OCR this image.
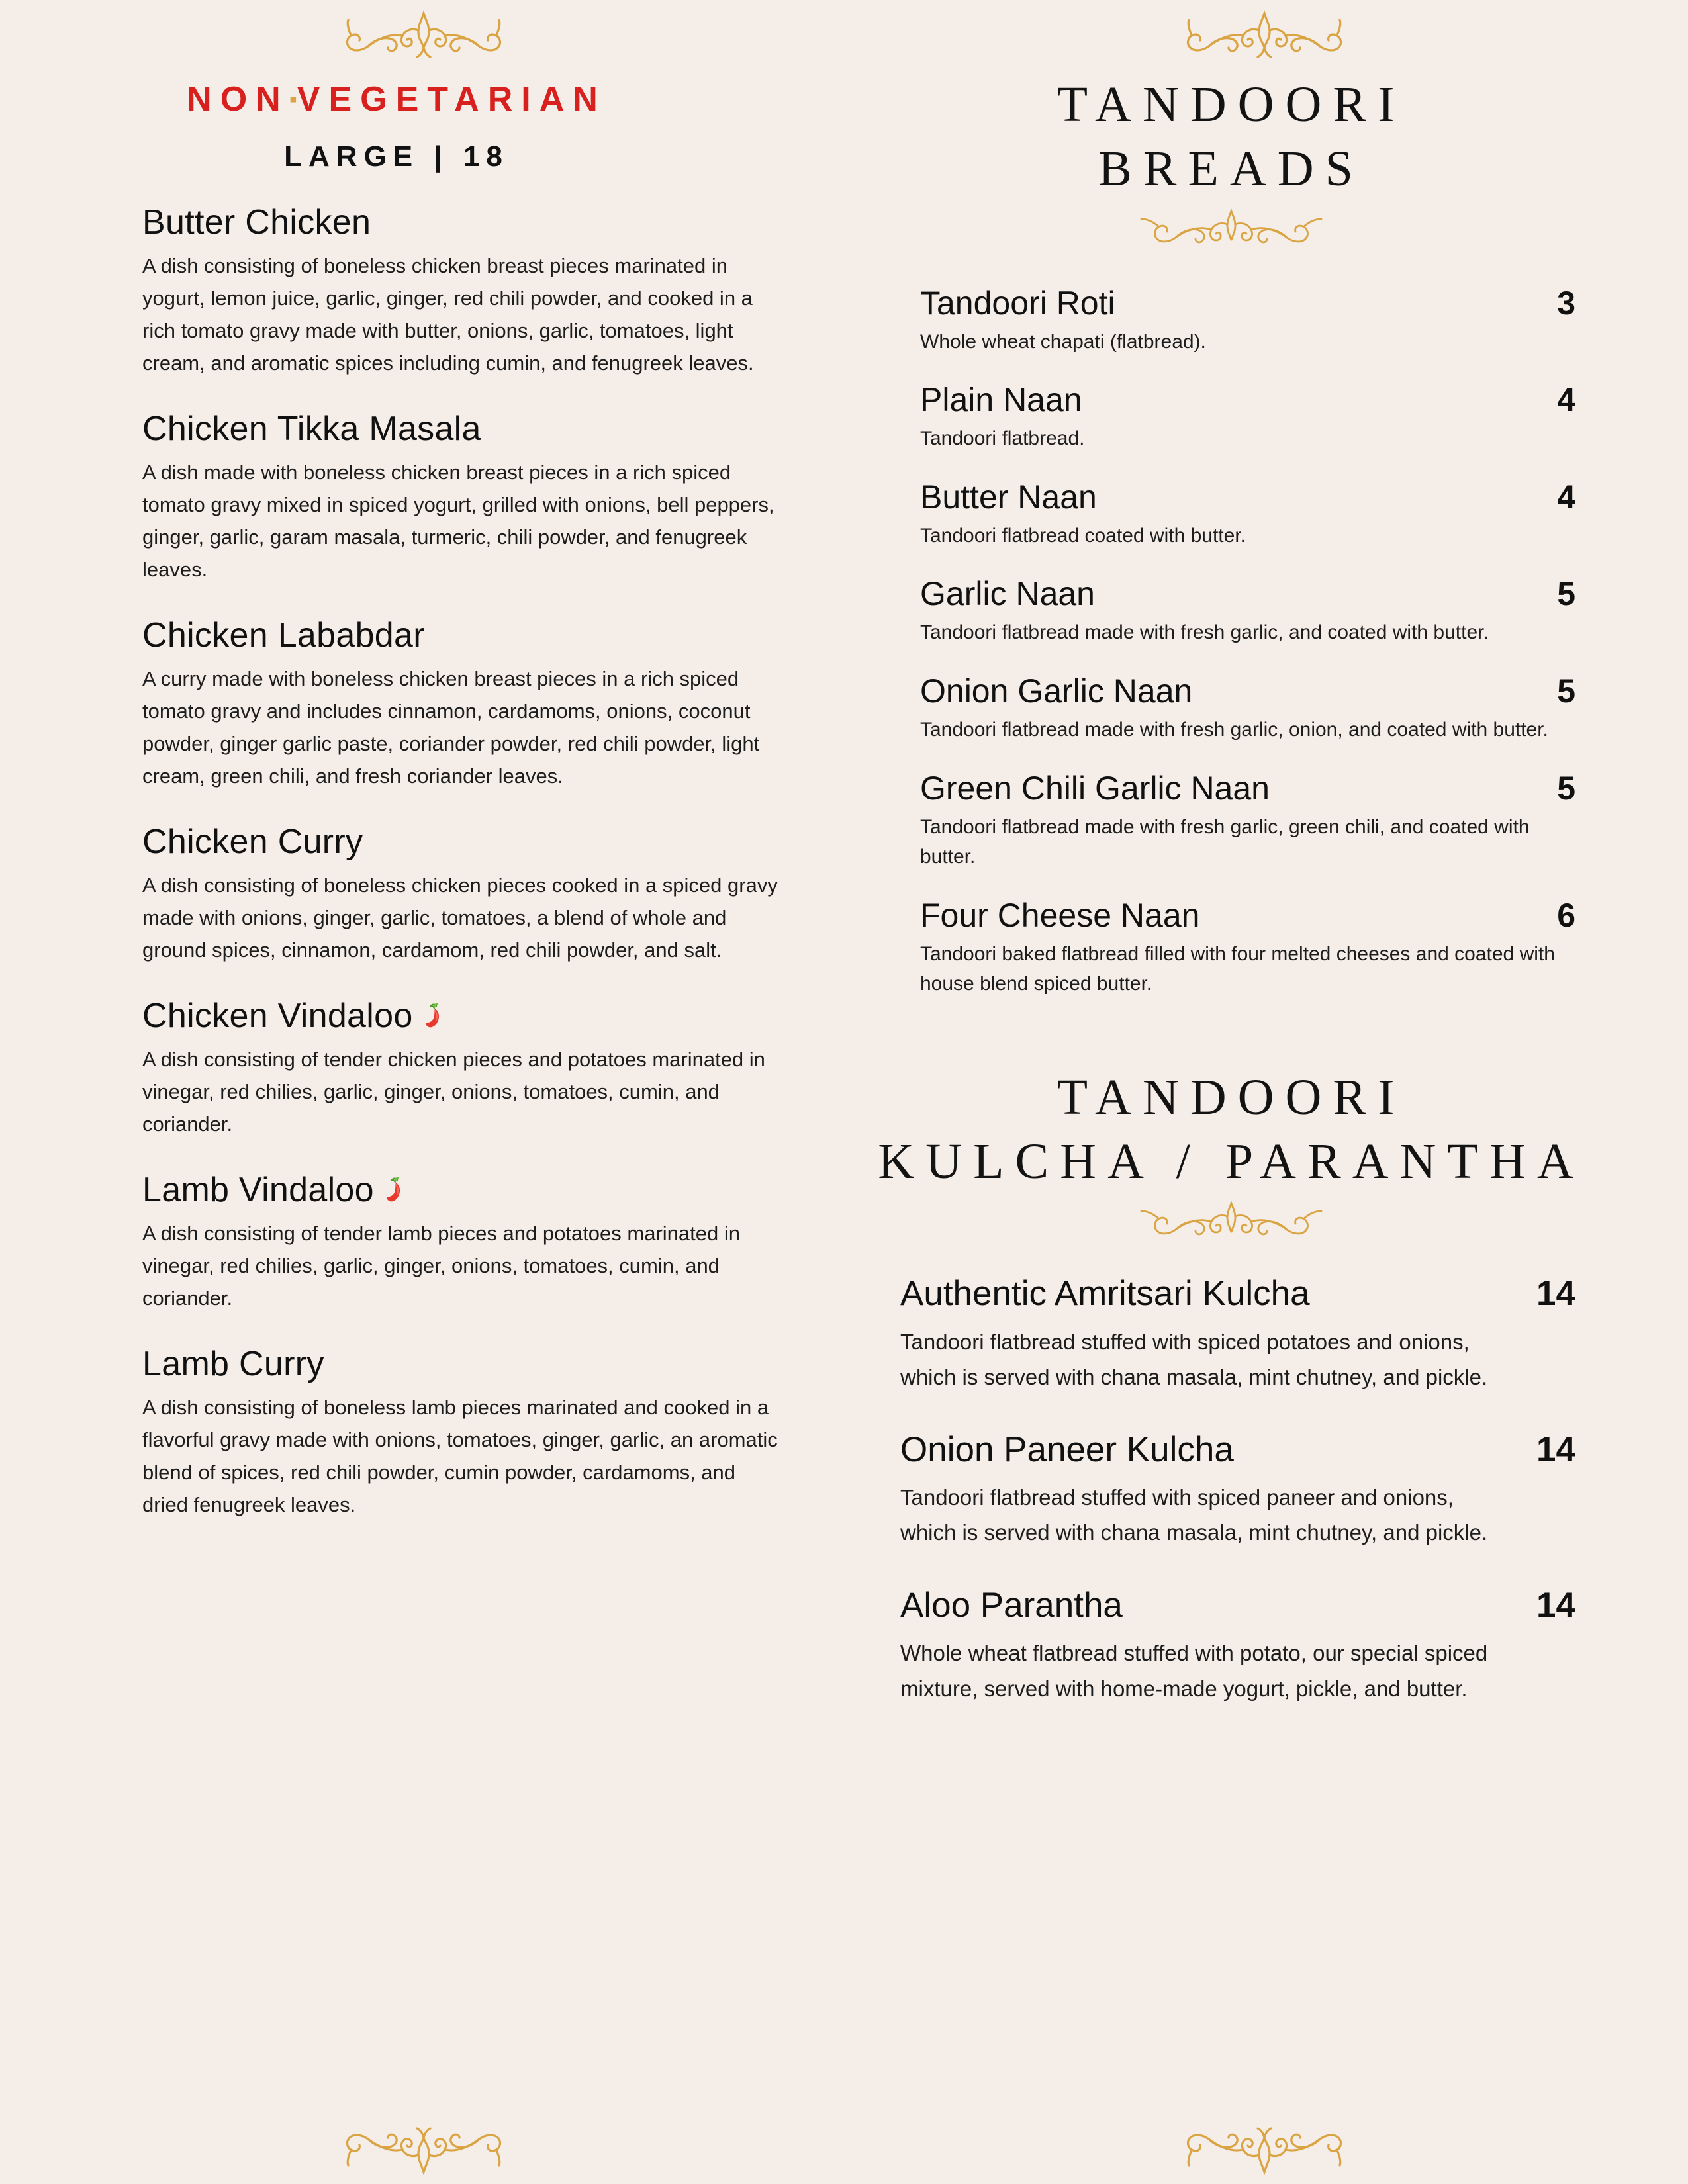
NON▪VEGETARIAN
LARGE | 18
Butter Chicken
A dish consisting of boneless chicken breast pieces marinated in yogurt, lemon juice, garlic, ginger, red chili powder, and cooked in a rich tomato gravy made with butter, onions, garlic, tomatoes, light cream, and aromatic spices including cumin, and fenugreek leaves.
Chicken Tikka Masala
A dish made with boneless chicken breast pieces in a rich spiced tomato gravy mixed in spiced yogurt, grilled with onions, bell peppers, ginger, garlic, garam masala, turmeric, chili powder, and fenugreek leaves.
Chicken Lababdar
A curry made with boneless chicken breast pieces in a rich spiced tomato gravy and includes cinnamon, cardamoms, onions, coconut powder, ginger garlic paste, coriander powder, red chili powder, light cream, green chili, and fresh coriander leaves.
Chicken Curry
A dish consisting of boneless chicken pieces cooked in a spiced gravy made with onions, ginger, garlic, tomatoes, a blend of whole and ground spices, cinnamon, cardamom, red chili powder, and salt.
Chicken Vindaloo
A dish consisting of tender chicken pieces and potatoes marinated in vinegar, red chilies, garlic, ginger, onions, tomatoes, cumin, and coriander.
Lamb Vindaloo
A dish consisting of tender lamb pieces and potatoes marinated in vinegar, red chilies, garlic, ginger, onions, tomatoes, cumin, and coriander.
Lamb Curry
A dish consisting of boneless lamb pieces marinated and cooked in a flavorful gravy made with onions, tomatoes, ginger, garlic, an aromatic blend of spices, red chili powder, cumin powder, cardamoms, and dried fenugreek leaves.
TANDOORI
BREADS
Tandoori Roti	3
Whole wheat chapati (flatbread).
Plain Naan	4
Tandoori flatbread.
Butter Naan	4
Tandoori flatbread coated with butter.
Garlic Naan	5
Tandoori flatbread made with fresh garlic, and coated with butter.
Onion Garlic Naan	5
Tandoori flatbread made with fresh garlic, onion, and coated with butter.
Green Chili Garlic Naan	5
Tandoori flatbread made with fresh garlic, green chili, and coated with butter.
Four Cheese Naan	6
Tandoori baked flatbread filled with four melted cheeses and coated with house blend spiced butter.
TANDOORI
KULCHA / PARANTHA
Authentic Amritsari Kulcha	14
Tandoori flatbread stuffed with spiced potatoes and onions, which is served with chana masala, mint chutney, and pickle.
Onion Paneer Kulcha	14
Tandoori flatbread stuffed with spiced paneer and onions, which is served with chana masala, mint chutney, and pickle.
Aloo Parantha	14
Whole wheat flatbread stuffed with potato, our special spiced mixture, served with home-made yogurt, pickle, and butter.
